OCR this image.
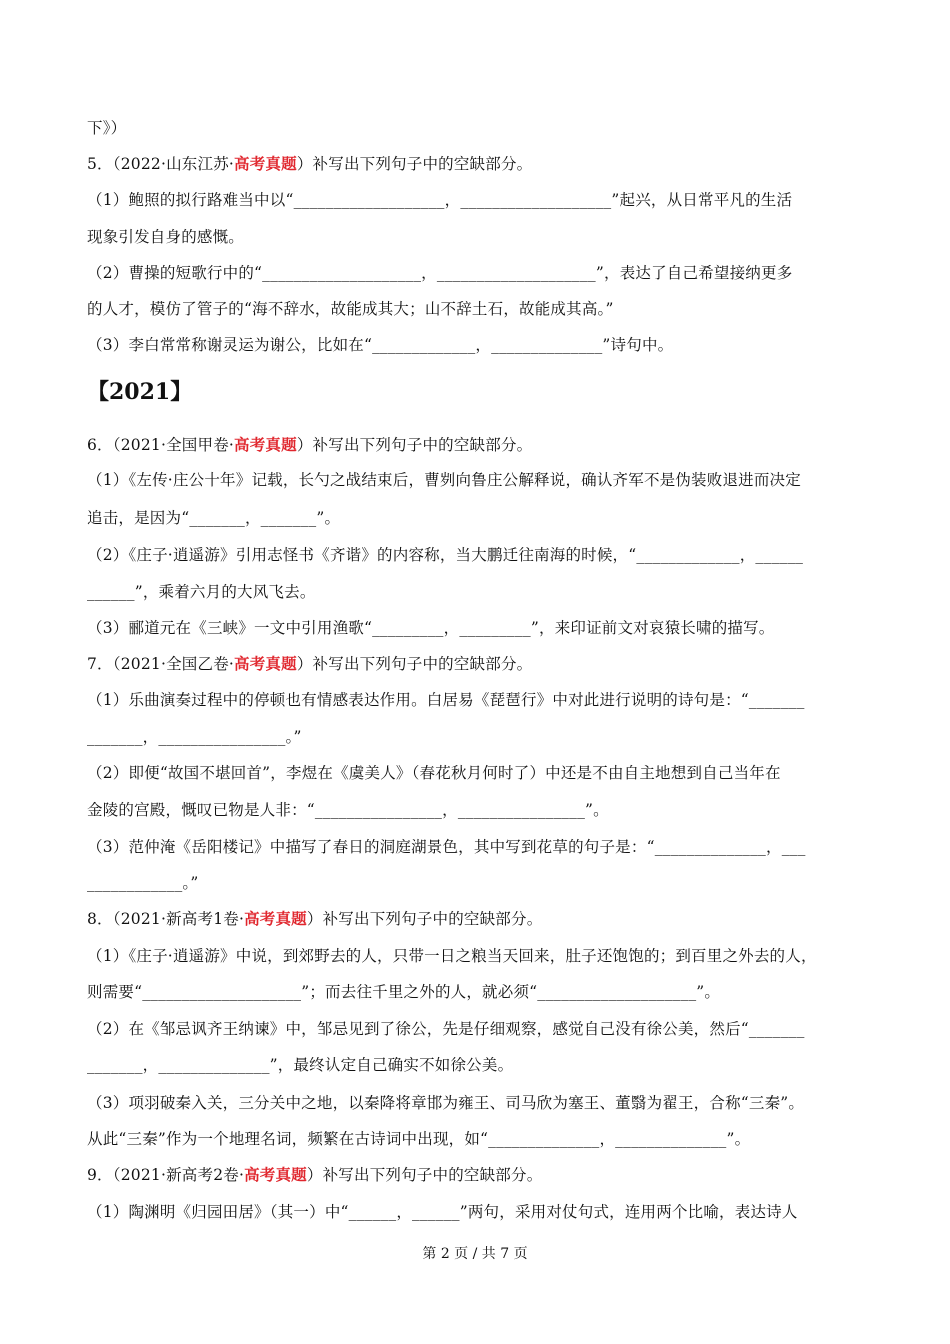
下》）
5．（2022·山东江苏·高考真题）补写出下列句子中的空缺部分。
（1）鲍照的拟行路难当中以“___________________，___________________”起兴，从日常平凡的生活
现象引发自身的感慨。
（2）曹操的短歌行中的“____________________，____________________”，表达了自己希望接纳更多
的人才，模仿了管子的“海不辞水，故能成其大；山不辞土石，故能成其高。”
（3）李白常常称谢灵运为谢公，比如在“_____________，______________”诗句中。
【2021】
6．（2021·全国甲卷·高考真题）补写出下列句子中的空缺部分。
（1）《左传·庄公十年》记载，长勺之战结束后，曹刿向鲁庄公解释说，确认齐军不是伪装败退进而决定
追击，是因为“_______，_______”。
（2）《庄子·逍遥游》引用志怪书《齐谐》的内容称，当大鹏迁往南海的时候，“_____________，______
______”，乘着六月的大风飞去。
（3）郦道元在《三峡》一文中引用渔歌“_________，_________”，来印证前文对哀猿长啸的描写。
7．（2021·全国乙卷·高考真题）补写出下列句子中的空缺部分。
（1）乐曲演奏过程中的停顿也有情感表达作用。白居易《琵琶行》中对此进行说明的诗句是：“_______
_______，________________。”
（2）即便“故国不堪回首”，李煜在《虞美人》（春花秋月何时了）中还是不由自主地想到自己当年在
金陵的宫殿，慨叹已物是人非：“________________，________________”。
（3）范仲淹《岳阳楼记》中描写了春日的洞庭湖景色，其中写到花草的句子是：“______________，___
____________。”
8．（2021·新高考1卷·高考真题）补写出下列句子中的空缺部分。
（1）《庄子·逍遥游》中说，到郊野去的人，只带一日之粮当天回来，肚子还饱饱的；到百里之外去的人，
则需要“____________________”；而去往千里之外的人，就必须“____________________”。
（2）在《邹忌讽齐王纳谏》中，邹忌见到了徐公，先是仔细观察，感觉自己没有徐公美，然后“_______
_______，______________”，最终认定自己确实不如徐公美。
（3）项羽破秦入关，三分关中之地，以秦降将章邯为雍王、司马欣为塞王、董翳为翟王，合称“三秦”。
从此“三秦”作为一个地理名词，频繁在古诗词中出现，如“______________，______________”。
9．（2021·新高考2卷·高考真题）补写出下列句子中的空缺部分。
（1）陶渊明《归园田居》（其一）中“______，______”两句，采用对仗句式，连用两个比喻，表达诗人
第 2 页 / 共 7 页
